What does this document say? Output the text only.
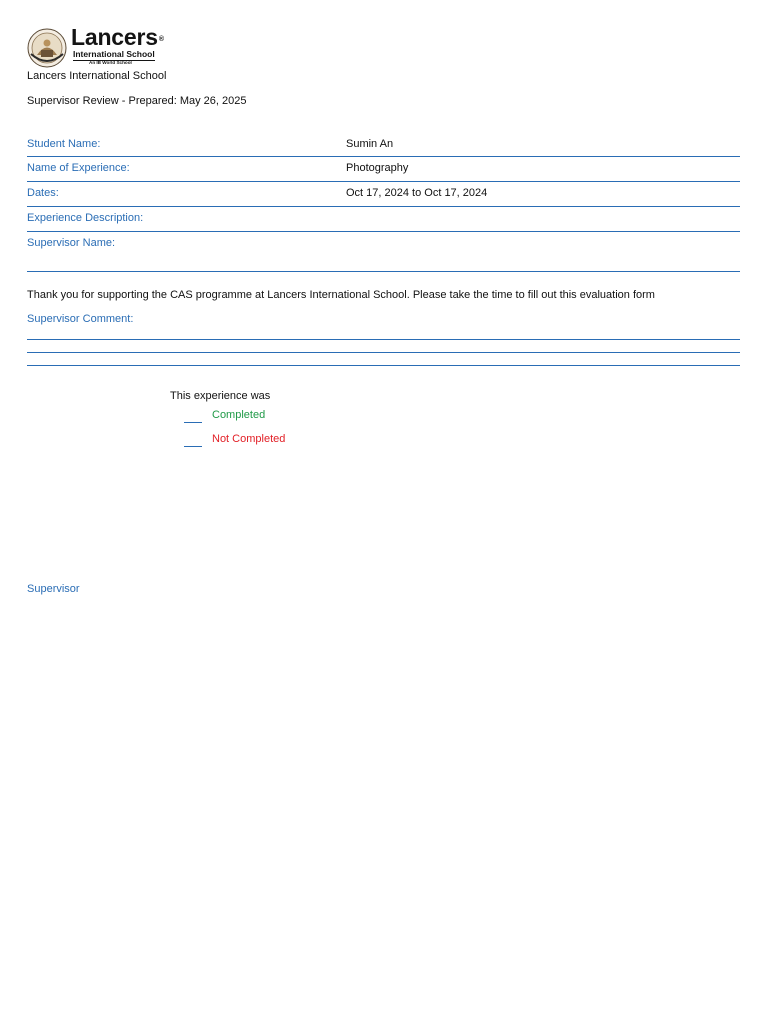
Lancers®
International School
An IB World School
Lancers International School
Supervisor Review - Prepared: May 26, 2025
Student Name:	Sumin An
Name of Experience:	Photography
Dates:	Oct 17, 2024 to Oct 17, 2024
Experience Description:
Supervisor Name:
Thank you for supporting the CAS programme at Lancers International School. Please take the time to fill out this evaluation form
Supervisor Comment:
This experience was
Completed
Not Completed
Supervisor
